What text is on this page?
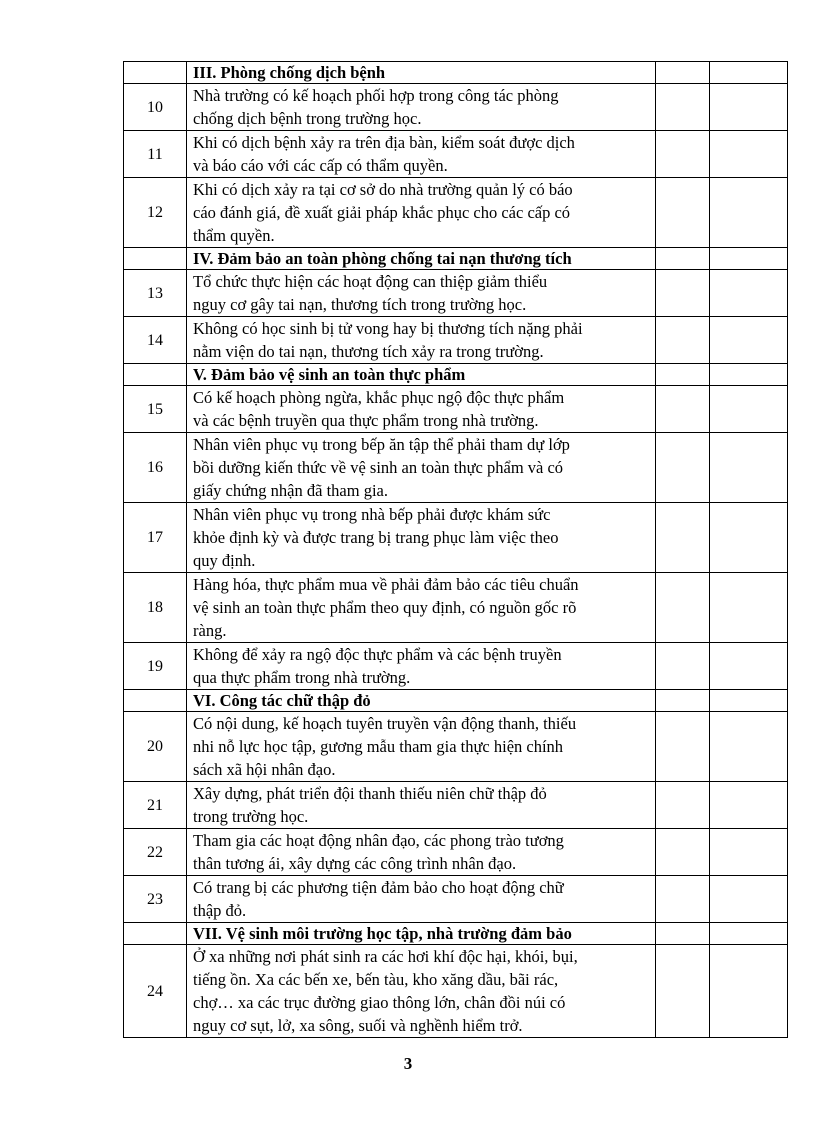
	III. Phòng chống dịch bệnh		
10	Nhà trường có kế hoạch phối hợp trong công tác phòng
chống dịch bệnh trong trường học.		

11	Khi có dịch bệnh xảy ra trên địa bàn, kiểm soát được dịch
và báo cáo với các cấp có thẩm quyền.		

12	Khi có dịch xảy ra tại cơ sở do nhà trường quản lý có báo
cáo đánh giá, đề xuất giải pháp khắc phục cho các cấp có
thẩm quyền.		

	IV. Đảm bảo an toàn phòng chống tai nạn thương tích		
13	Tổ chức thực hiện các hoạt động can thiệp giảm thiểu
nguy cơ gây tai nạn, thương tích trong trường học.		

14	Không có học sinh bị tử vong hay bị thương tích nặng phải
nằm viện do tai nạn, thương tích xảy ra trong trường.		

	V. Đảm bảo vệ sinh an toàn thực phẩm		
15	Có kế hoạch phòng ngừa, khắc phục ngộ độc thực phẩm
và các bệnh truyền qua thực phẩm trong nhà trường.		

16	Nhân viên phục vụ trong bếp ăn tập thể phải tham dự lớp
bồi dưỡng kiến thức về vệ sinh an toàn thực phẩm và có
giấy chứng nhận đã tham gia.		

17	Nhân viên phục vụ trong nhà bếp phải được khám sức
khỏe định kỳ và được trang bị trang phục làm việc theo
quy định.		

18	Hàng hóa, thực phẩm mua về phải đảm bảo các tiêu chuẩn
vệ sinh an toàn thực phẩm theo quy định, có nguồn gốc rõ
ràng.		

19	Không để xảy ra ngộ độc thực phẩm và các bệnh truyền
qua thực phẩm trong nhà trường.		

	VI. Công tác chữ thập đỏ		
20	Có nội dung, kế hoạch tuyên truyền vận động thanh, thiếu
nhi nỗ lực học tập, gương mẫu tham gia thực hiện chính
sách xã hội nhân đạo.		

21	Xây dựng, phát triển đội thanh thiếu niên chữ thập đỏ
trong trường học.		

22	Tham gia các hoạt động nhân đạo, các phong trào tương
thân tương ái, xây dựng các công trình nhân đạo.		

23	Có trang bị các phương tiện đảm bảo cho hoạt động chữ
thập đỏ.		

	VII. Vệ sinh môi trường học tập, nhà trường đảm bảo		
24	Ở xa những nơi phát sinh ra các hơi khí độc hại, khói, bụi,
tiếng ồn. Xa các bến xe, bến tàu, kho xăng dầu, bãi rác,
chợ… xa các trục đường giao thông lớn, chân đồi núi có
nguy cơ sụt, lở, xa sông, suối và nghềnh hiểm trở.		

3
